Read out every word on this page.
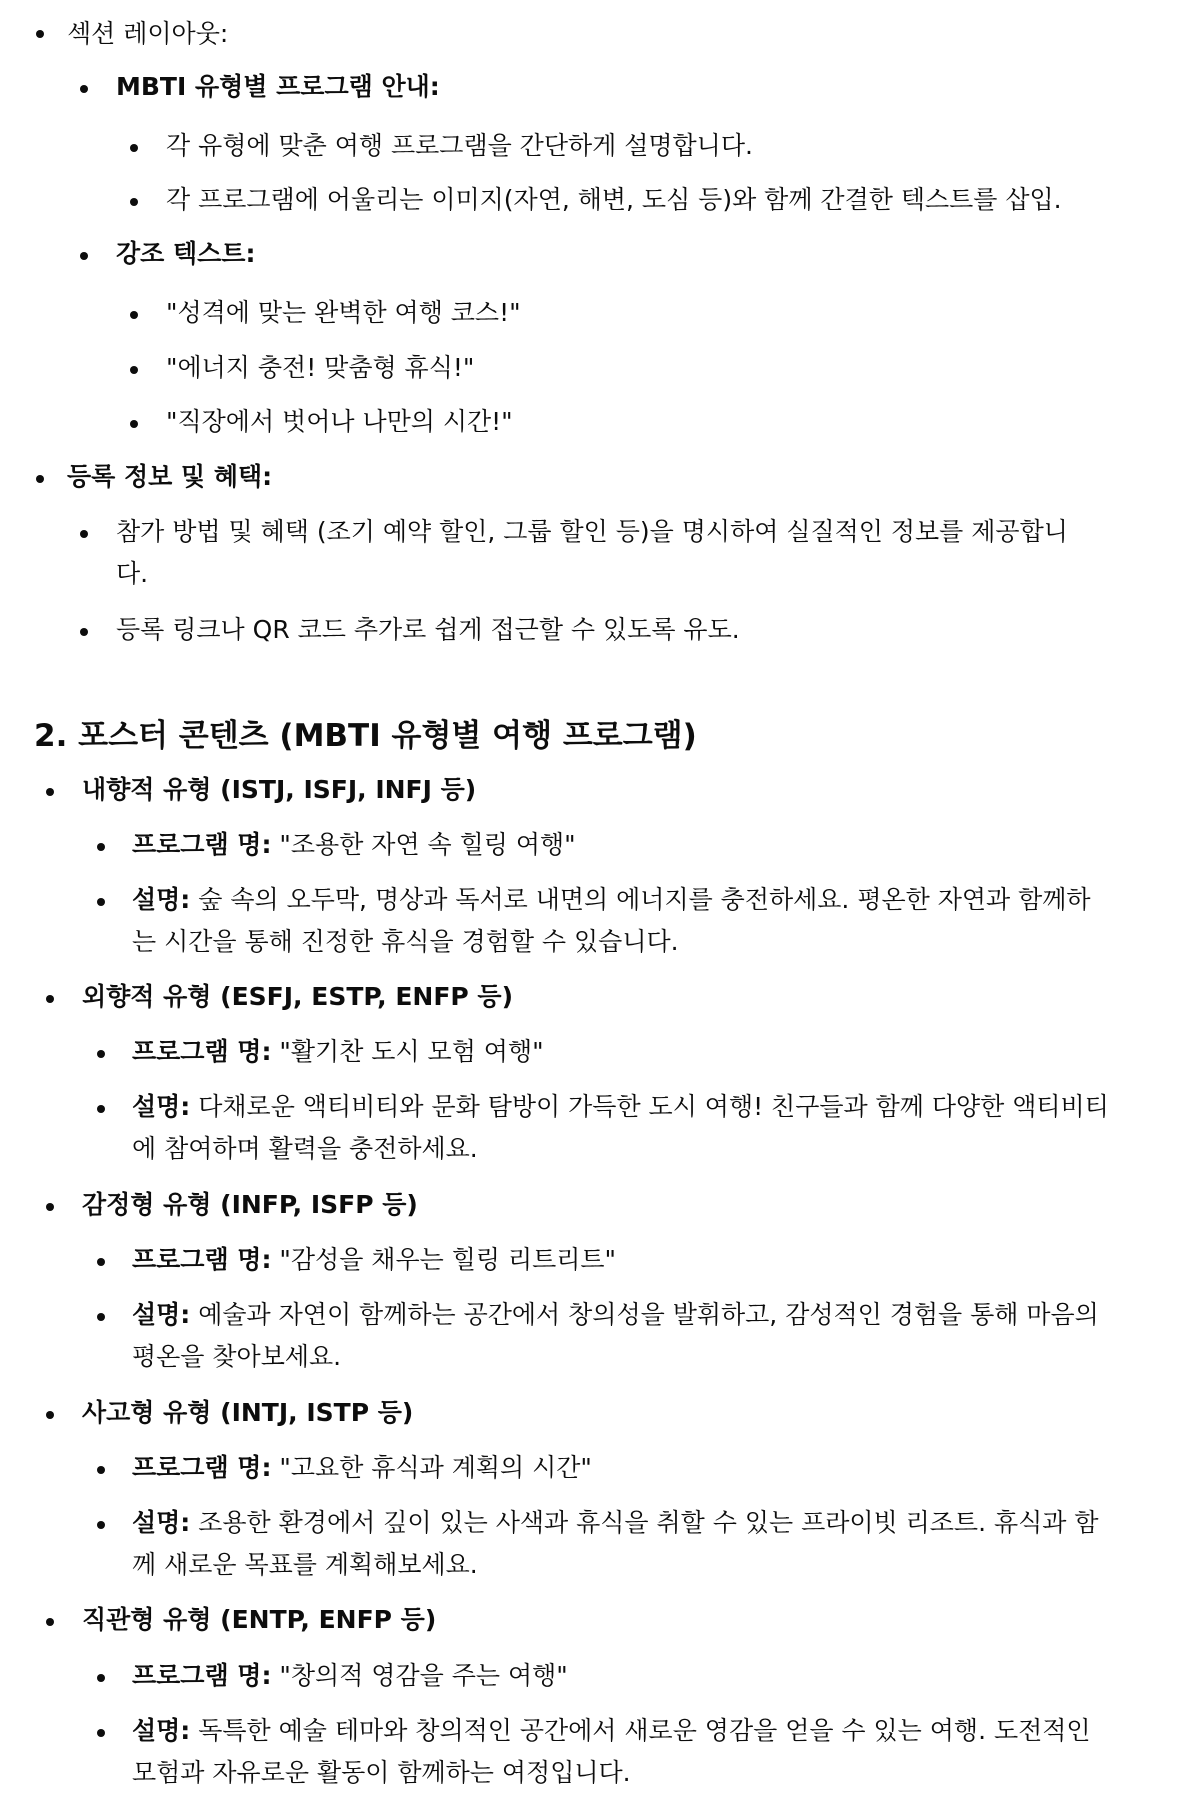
섹션 레이아웃:
MBTI 유형별 프로그램 안내:
각 유형에 맞춘 여행 프로그램을 간단하게 설명합니다.
각 프로그램에 어울리는 이미지(자연, 해변, 도심 등)와 함께 간결한 텍스트를 삽입.
강조 텍스트:
"성격에 맞는 완벽한 여행 코스!"
"에너지 충전! 맞춤형 휴식!"
"직장에서 벗어나 나만의 시간!"
등록 정보 및 혜택:
참가 방법 및 혜택 (조기 예약 할인, 그룹 할인 등)을 명시하여 실질적인 정보를 제공합니
다.
등록 링크나 QR 코드 추가로 쉽게 접근할 수 있도록 유도.
2. 포스터 콘텐츠 (MBTI 유형별 여행 프로그램)
내향적 유형 (ISTJ, ISFJ, INFJ 등)
프로그램 명: "조용한 자연 속 힐링 여행"
설명: 숲 속의 오두막, 명상과 독서로 내면의 에너지를 충전하세요. 평온한 자연과 함께하
는 시간을 통해 진정한 휴식을 경험할 수 있습니다.
외향적 유형 (ESFJ, ESTP, ENFP 등)
프로그램 명: "활기찬 도시 모험 여행"
설명: 다채로운 액티비티와 문화 탐방이 가득한 도시 여행! 친구들과 함께 다양한 액티비티
에 참여하며 활력을 충전하세요.
감정형 유형 (INFP, ISFP 등)
프로그램 명: "감성을 채우는 힐링 리트리트"
설명: 예술과 자연이 함께하는 공간에서 창의성을 발휘하고, 감성적인 경험을 통해 마음의
평온을 찾아보세요.
사고형 유형 (INTJ, ISTP 등)
프로그램 명: "고요한 휴식과 계획의 시간"
설명: 조용한 환경에서 깊이 있는 사색과 휴식을 취할 수 있는 프라이빗 리조트. 휴식과 함
께 새로운 목표를 계획해보세요.
직관형 유형 (ENTP, ENFP 등)
프로그램 명: "창의적 영감을 주는 여행"
설명: 독특한 예술 테마와 창의적인 공간에서 새로운 영감을 얻을 수 있는 여행. 도전적인
모험과 자유로운 활동이 함께하는 여정입니다.
